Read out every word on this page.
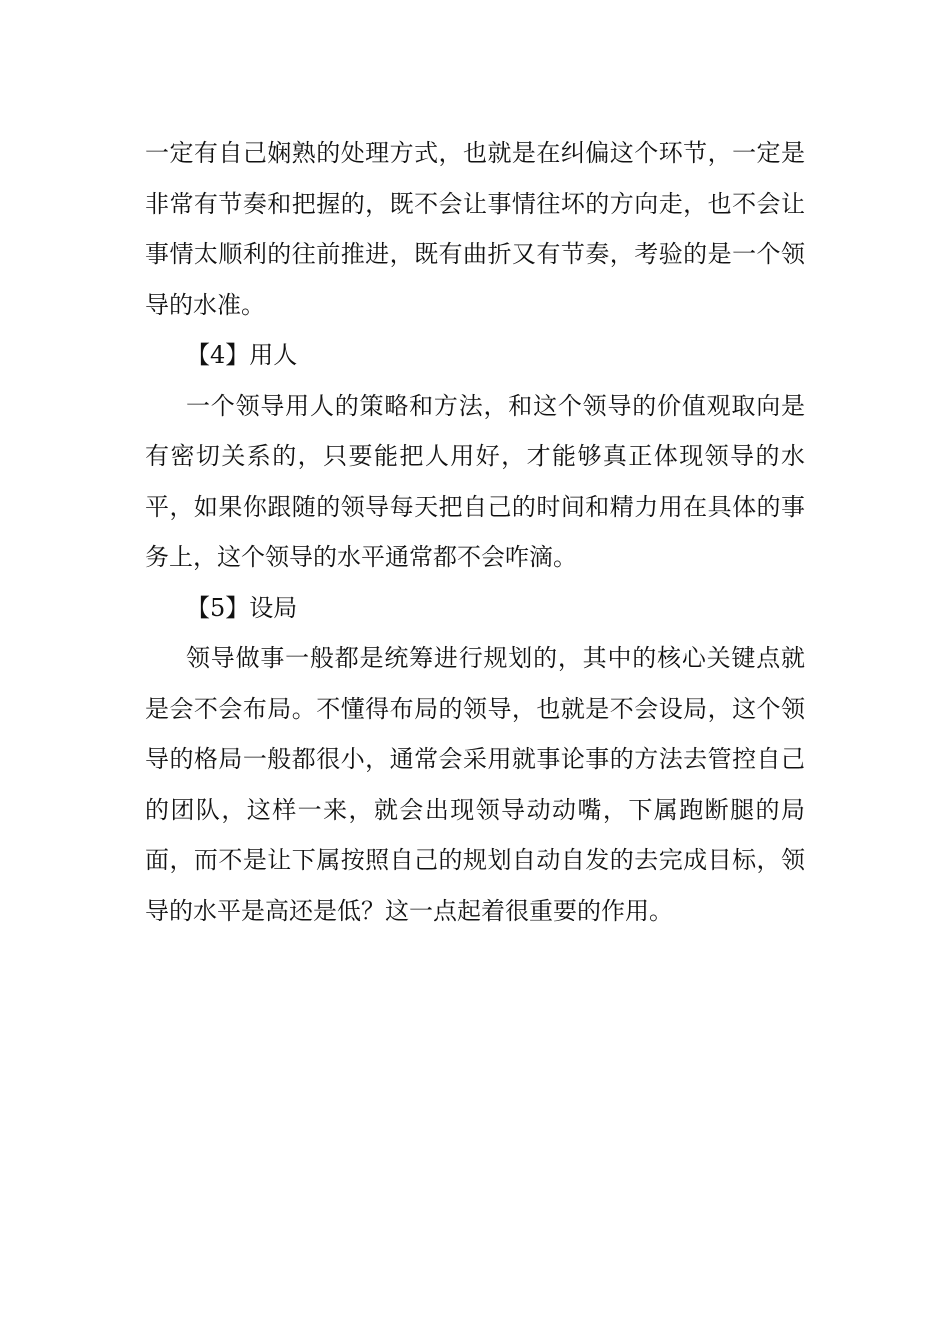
一定有自己娴熟的处理方式，也就是在纠偏这个环节，一定是非常有节奏和把握的，既不会让事情往坏的方向走，也不会让事情太顺利的往前推进，既有曲折又有节奏，考验的是一个领导的水准。

【4】用人

一个领导用人的策略和方法，和这个领导的价值观取向是有密切关系的，只要能把人用好，才能够真正体现领导的水平，如果你跟随的领导每天把自己的时间和精力用在具体的事务上，这个领导的水平通常都不会咋滴。

【5】设局

领导做事一般都是统筹进行规划的，其中的核心关键点就是会不会布局。不懂得布局的领导，也就是不会设局，这个领导的格局一般都很小，通常会采用就事论事的方法去管控自己的团队，这样一来，就会出现领导动动嘴，下属跑断腿的局面，而不是让下属按照自己的规划自动自发的去完成目标，领导的水平是高还是低？这一点起着很重要的作用。
